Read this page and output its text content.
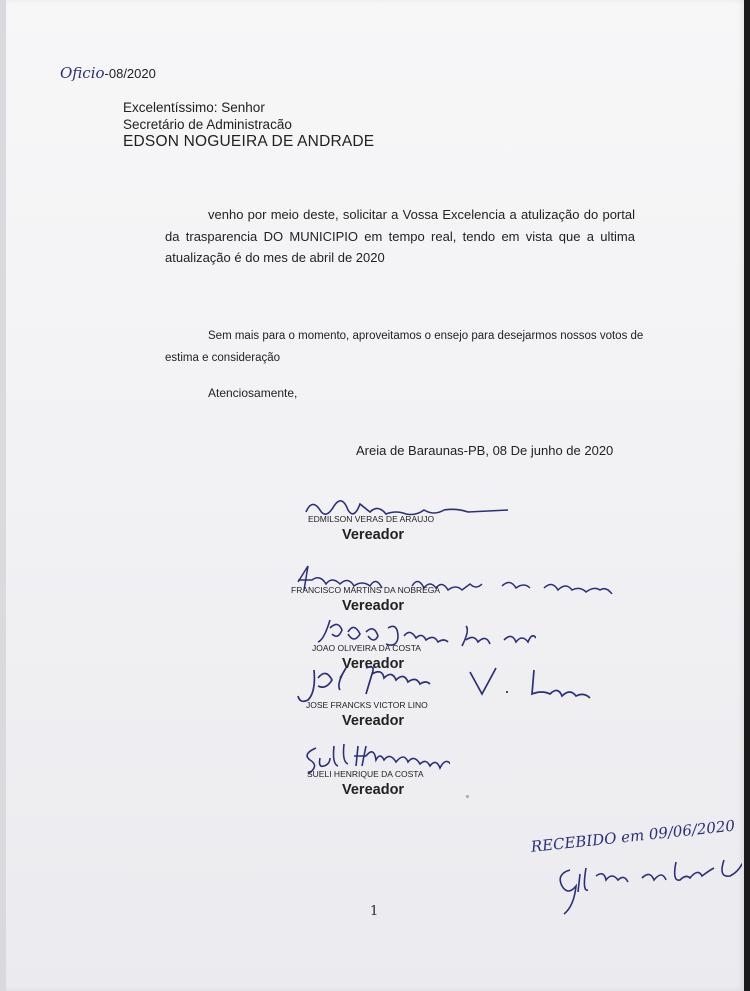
Oficio-08/2020
Excelentíssimo: Senhor
Secretário de Administracão
EDSON NOGUEIRA DE ANDRADE
venho por meio deste, solicitar a Vossa Excelencia a atulização do portal da trasparencia DO MUNICIPIO em tempo real, tendo em vista que a ultima atualização é do mes de abril de 2020
Sem mais para o momento, aproveitamos o ensejo para desejarmos nossos votos de estima e consideração
Atenciosamente,
Areia de Baraunas-PB, 08 De junho de 2020
EDMILSON VERAS DE ARAUJO
Vereador
FRANCISCO MARTINS DA NOBREGA
Vereador
JOAO OLIVEIRA DA COSTA
Vereador
JOSE FRANCKS VICTOR LINO
Vereador
SUELI HENRIQUE DA COSTA
Vereador
RECEBIDO em 09/06/2020
1
